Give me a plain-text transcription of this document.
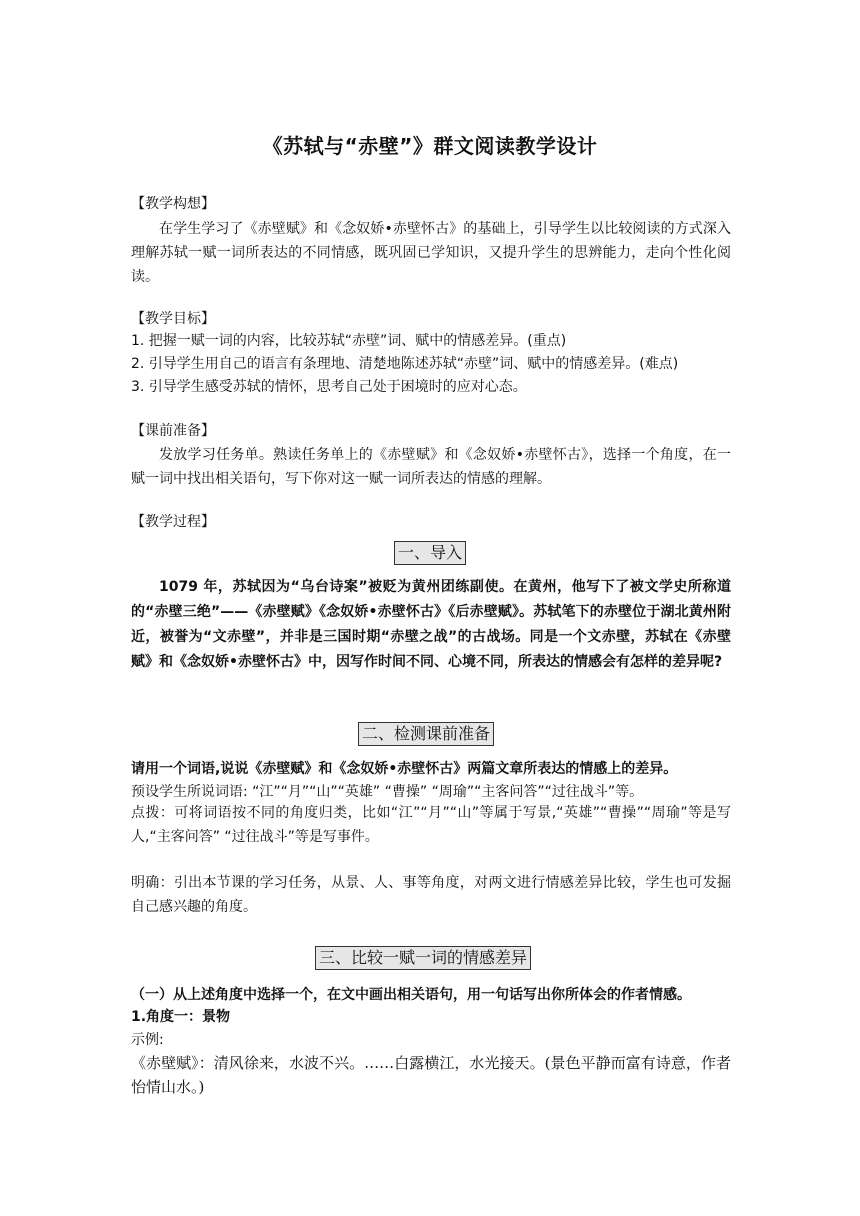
《苏轼与“赤壁”》群文阅读教学设计
【教学构想】
在学生学习了《赤壁赋》和《念奴娇•赤壁怀古》的基础上，引导学生以比较阅读的方式深入理解苏轼一赋一词所表达的不同情感，既巩固已学知识，又提升学生的思辨能力，走向个性化阅读。
【教学目标】
1. 把握一赋一词的内容，比较苏轼“赤壁”词、赋中的情感差异。(重点)
2. 引导学生用自己的语言有条理地、清楚地陈述苏轼“赤壁”词、赋中的情感差异。(难点)
3. 引导学生感受苏轼的情怀，思考自己处于困境时的应对心态。
【课前准备】
发放学习任务单。熟读任务单上的《赤壁赋》和《念奴娇•赤壁怀古》，选择一个角度，在一赋一词中找出相关语句，写下你对这一赋一词所表达的情感的理解。
【教学过程】
一、导入
1079 年，苏轼因为“乌台诗案”被贬为黄州团练副使。在黄州，他写下了被文学史所称道的“赤壁三绝”——《赤壁赋》《念奴娇•赤壁怀古》《后赤壁赋》。苏轼笔下的赤壁位于湖北黄州附近，被誉为“文赤壁”，并非是三国时期“赤壁之战”的古战场。同是一个文赤壁，苏轼在《赤壁赋》和《念奴娇•赤壁怀古》中，因写作时间不同、心境不同，所表达的情感会有怎样的差异呢?
二、检测课前准备
请用一个词语,说说《赤壁赋》和《念奴娇•赤壁怀古》两篇文章所表达的情感上的差异。
预设学生所说词语: “江”“月”“山”“英雄” “曹操” “周瑜”“主客问答”“过往战斗”等。
点拨：可将词语按不同的角度归类，比如“江”“月”“山”等属于写景,“英雄”“曹操”“周瑜”等是写人,“主客问答” “过往战斗”等是写事件。
明确：引出本节课的学习任务，从景、人、事等角度，对两文进行情感差异比较，学生也可发掘自己感兴趣的角度。
三、比较一赋一词的情感差异
（一）从上述角度中选择一个，在文中画出相关语句，用一句话写出你所体会的作者情感。
1.角度一：景物
示例:
《赤壁赋》：清风徐来，水波不兴。……白露横江，水光接天。(景色平静而富有诗意，作者怡情山水。)
